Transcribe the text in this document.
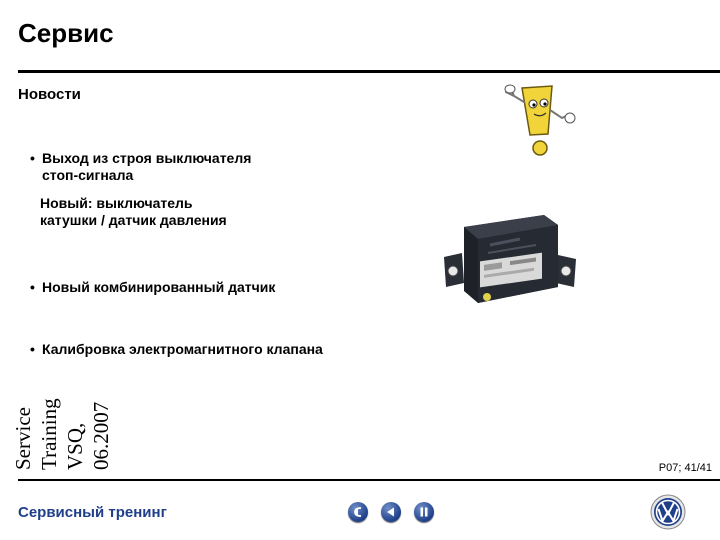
Сервис
Новости
• Выход из строя выключателя
стоп-сигнала
Новый: выключатель
катушки / датчик давления
• Новый комбинированный датчик
• Калибровка электромагнитного клапана
Service Training VSQ, 06.2007	P07; 41/41
Сервисный тренинг
